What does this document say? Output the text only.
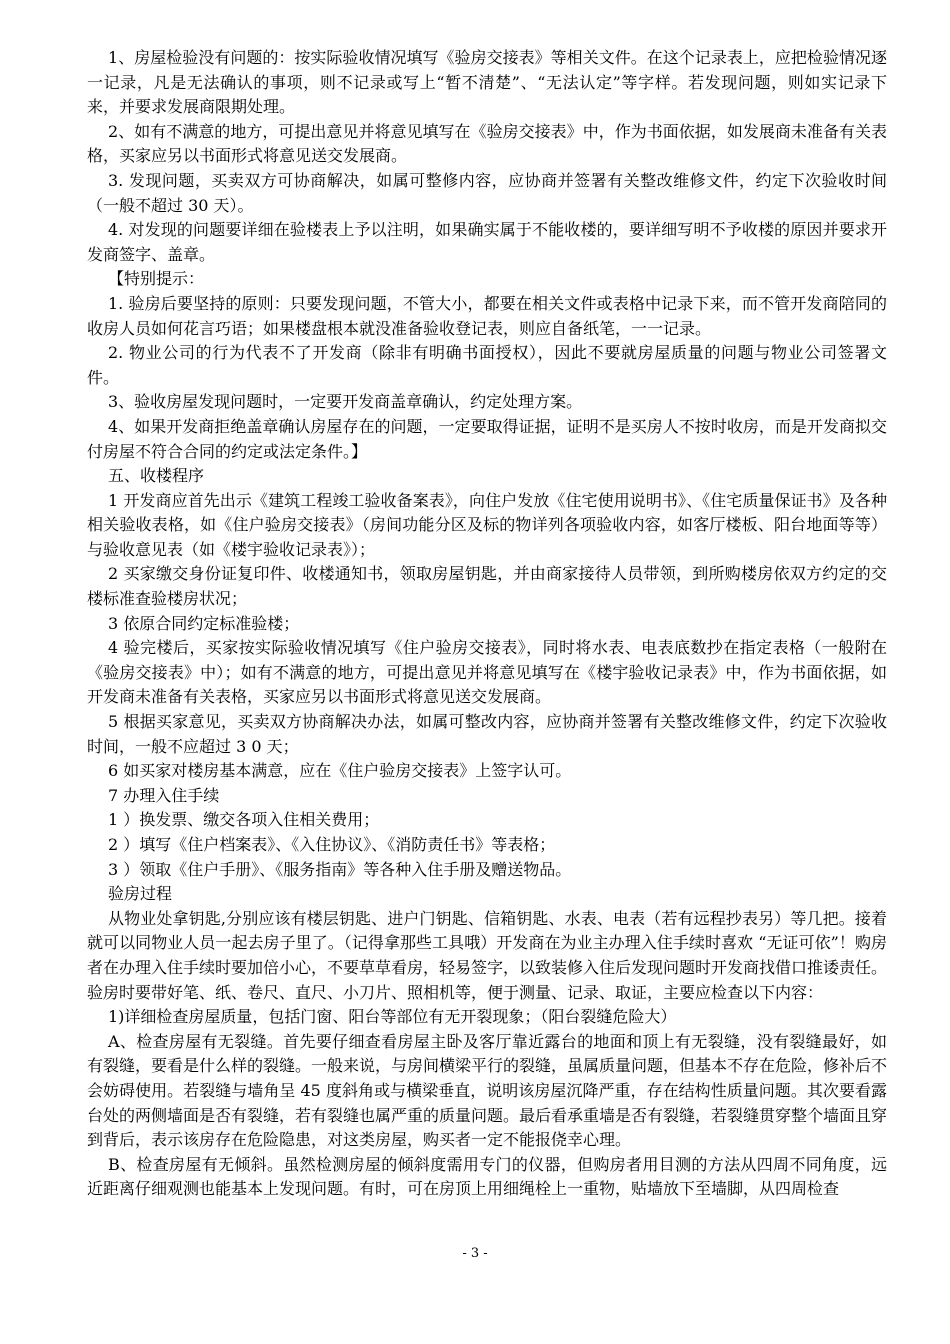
1、房屋检验没有问题的：按实际验收情况填写《验房交接表》等相关文件。在这个记录表上，应把检验情况逐一记录，凡是无法确认的事项，则不记录或写上“暂不清楚”、“无法认定”等字样。若发现问题，则如实记录下来，并要求发展商限期处理。

2、如有不满意的地方，可提出意见并将意见填写在《验房交接表》中，作为书面依据，如发展商未准备有关表格，买家应另以书面形式将意见送交发展商。

3. 发现问题，买卖双方可协商解决，如属可整修内容，应协商并签署有关整改维修文件，约定下次验收时间（一般不超过 30 天）。

4. 对发现的问题要详细在验楼表上予以注明，如果确实属于不能收楼的，要详细写明不予收楼的原因并要求开发商签字、盖章。

【特别提示：

1. 验房后要坚持的原则：只要发现问题，不管大小，都要在相关文件或表格中记录下来，而不管开发商陪同的收房人员如何花言巧语；如果楼盘根本就没准备验收登记表，则应自备纸笔，一一记录。

2. 物业公司的行为代表不了开发商（除非有明确书面授权），因此不要就房屋质量的问题与物业公司签署文件。

3、验收房屋发现问题时，一定要开发商盖章确认，约定处理方案。

4、如果开发商拒绝盖章确认房屋存在的问题，一定要取得证据，证明不是买房人不按时收房，而是开发商拟交付房屋不符合合同的约定或法定条件。】

五、收楼程序

1 开发商应首先出示《建筑工程竣工验收备案表》，向住户发放《住宅使用说明书》、《住宅质量保证书》及各种相关验收表格，如《住户验房交接表》（房间功能分区及标的物详列各项验收内容，如客厅楼板、阳台地面等等）与验收意见表（如《楼宇验收记录表》）；

2 买家缴交身份证复印件、收楼通知书，领取房屋钥匙，并由商家接待人员带领，到所购楼房依双方约定的交楼标准查验楼房状况；

3 依原合同约定标准验楼；

4 验完楼后，买家按实际验收情况填写《住户验房交接表》，同时将水表、电表底数抄在指定表格（一般附在《验房交接表》中）；如有不满意的地方，可提出意见并将意见填写在《楼宇验收记录表》中，作为书面依据，如开发商未准备有关表格，买家应另以书面形式将意见送交发展商。

5 根据买家意见，买卖双方协商解决办法，如属可整改内容，应协商并签署有关整改维修文件，约定下次验收时间，一般不应超过 3 0 天；

6 如买家对楼房基本满意，应在《住户验房交接表》上签字认可。

7 办理入住手续

1 ）换发票、缴交各项入住相关费用；

2 ）填写《住户档案表》、《入住协议》、《消防责任书》等表格；

3 ）领取《住户手册》、《服务指南》等各种入住手册及赠送物品。

验房过程

从物业处拿钥匙,分别应该有楼层钥匙、进户门钥匙、信箱钥匙、水表、电表（若有远程抄表另）等几把。接着就可以同物业人员一起去房子里了。（记得拿那些工具哦）开发商在为业主办理入住手续时喜欢 “无证可依”！购房者在办理入住手续时要加倍小心，不要草草看房，轻易签字，以致装修入住后发现问题时开发商找借口推诿责任。验房时要带好笔、纸、卷尺、直尺、小刀片、照相机等，便于测量、记录、取证，主要应检查以下内容：

1)详细检查房屋质量，包括门窗、阳台等部位有无开裂现象；（阳台裂缝危险大）

A、检查房屋有无裂缝。首先要仔细查看房屋主卧及客厅靠近露台的地面和顶上有无裂缝，没有裂缝最好，如有裂缝，要看是什么样的裂缝。一般来说，与房间横梁平行的裂缝，虽属质量问题，但基本不存在危险，修补后不会妨碍使用。若裂缝与墙角呈 45 度斜角或与横梁垂直，说明该房屋沉降严重，存在结构性质量问题。其次要看露台处的两侧墙面是否有裂缝，若有裂缝也属严重的质量问题。最后看承重墙是否有裂缝，若裂缝贯穿整个墙面且穿到背后，表示该房存在危险隐患，对这类房屋，购买者一定不能报侥幸心理。

B、检查房屋有无倾斜。虽然检测房屋的倾斜度需用专门的仪器，但购房者用目测的方法从四周不同角度，远近距离仔细观测也能基本上发现问题。有时，可在房顶上用细绳栓上一重物，贴墙放下至墙脚，从四周检查

- 3 -
